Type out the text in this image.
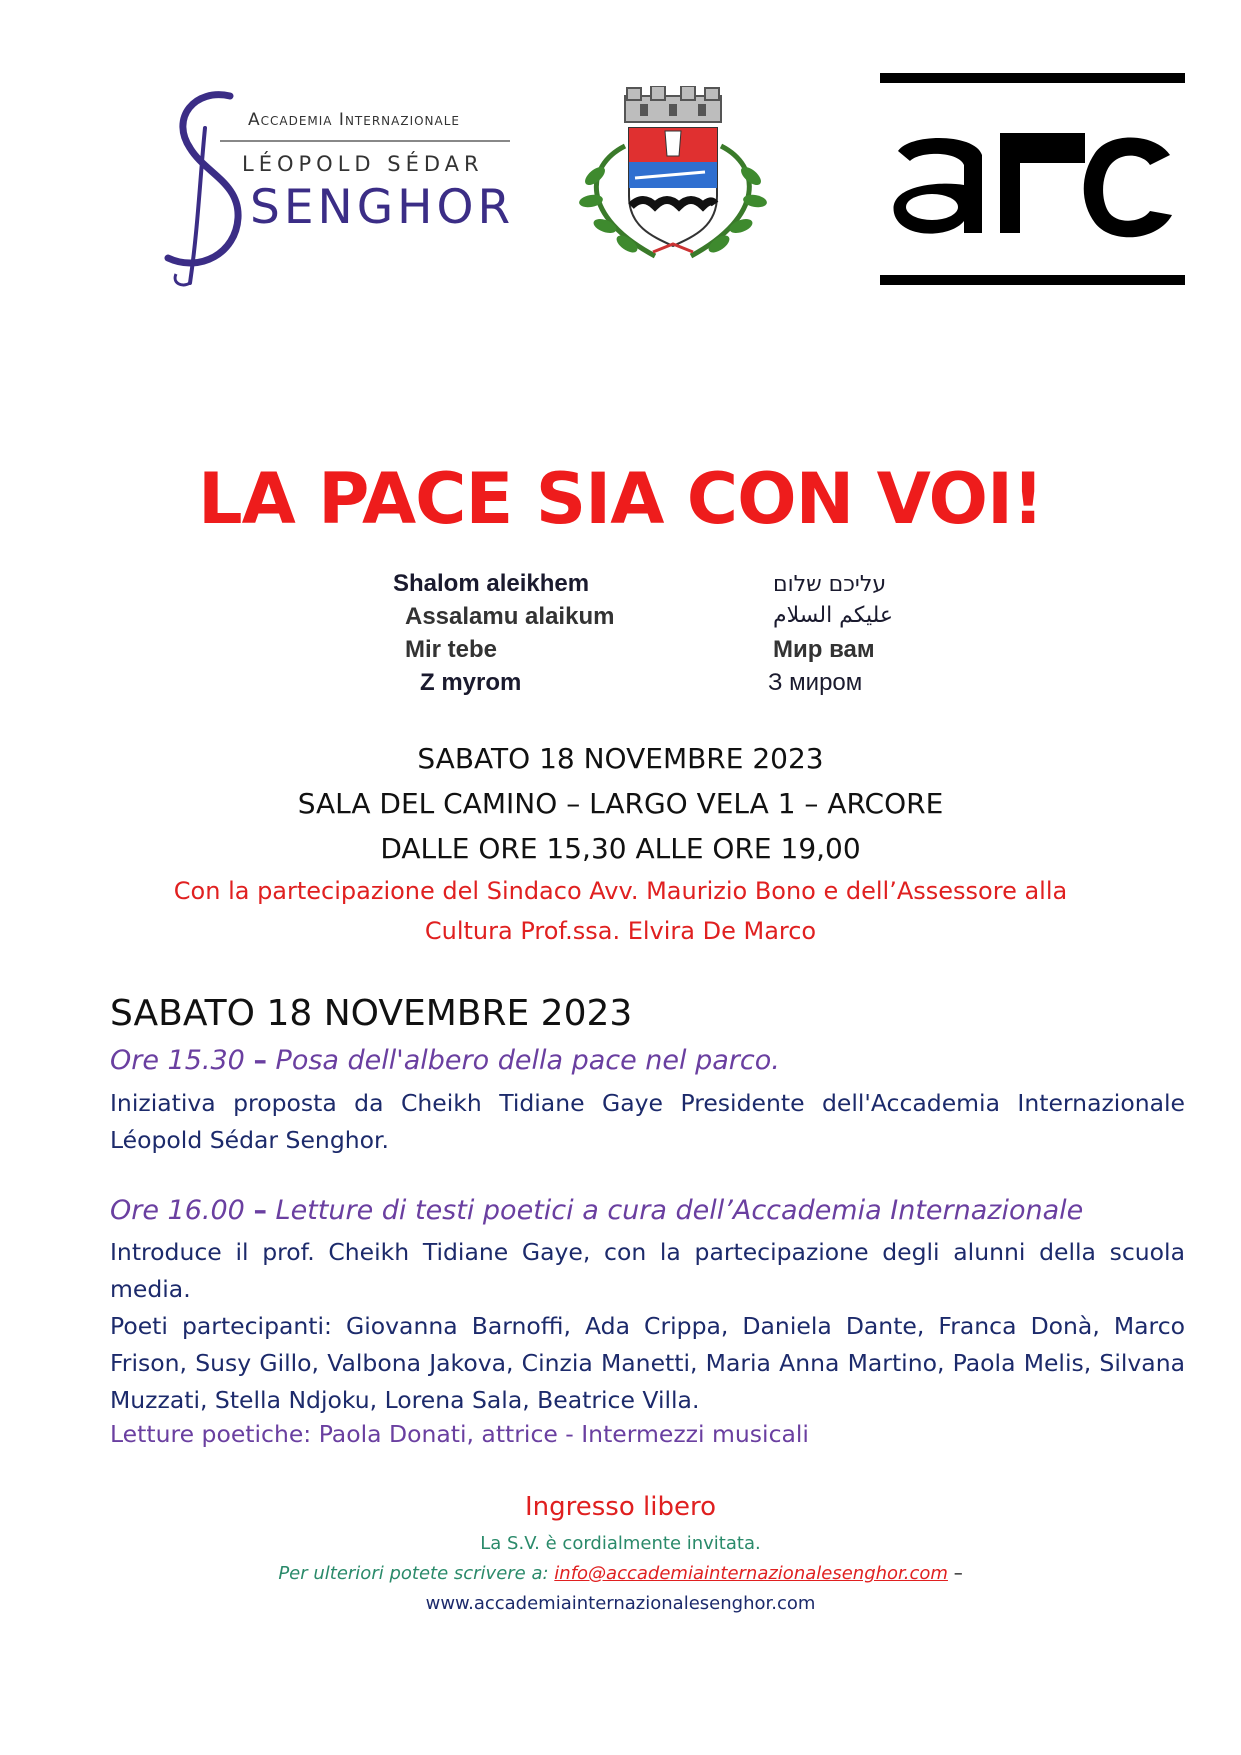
Accademia Internazionale
LÉOPOLD SÉDAR
SENGHOR
LA PACE SIA CON VOI!
Shalom aleikhem	עליכם שלום
Assalamu alaikum	عليكم السلام
Mir tebe	Мир вам
Z myrom	З миром
SABATO 18 NOVEMBRE 2023
SALA DEL CAMINO – LARGO VELA 1 – ARCORE
DALLE ORE 15,30 ALLE ORE 19,00
Con la partecipazione del Sindaco Avv. Maurizio Bono e dell’Assessore alla
Cultura Prof.ssa. Elvira De Marco
SABATO 18 NOVEMBRE 2023
Ore 15.30 – Posa dell'albero della pace nel parco.
Iniziativa proposta da Cheikh Tidiane Gaye Presidente dell'Accademia Internazionale Léopold Sédar Senghor.
Ore 16.00 – Letture di testi poetici a cura dell’Accademia Internazionale
Introduce il prof. Cheikh Tidiane Gaye, con la partecipazione degli alunni della scuola media.
Poeti partecipanti: Giovanna Barnoffi, Ada Crippa, Daniela Dante, Franca Donà, Marco Frison, Susy Gillo, Valbona Jakova, Cinzia Manetti, Maria Anna Martino, Paola Melis, Silvana Muzzati, Stella Ndjoku, Lorena Sala, Beatrice Villa.
Letture poetiche: Paola Donati, attrice - Intermezzi musicali
Ingresso libero
La S.V. è cordialmente invitata.
Per ulteriori potete scrivere a: info@accademiainternazionalesenghor.com –
www.accademiainternazionalesenghor.com
